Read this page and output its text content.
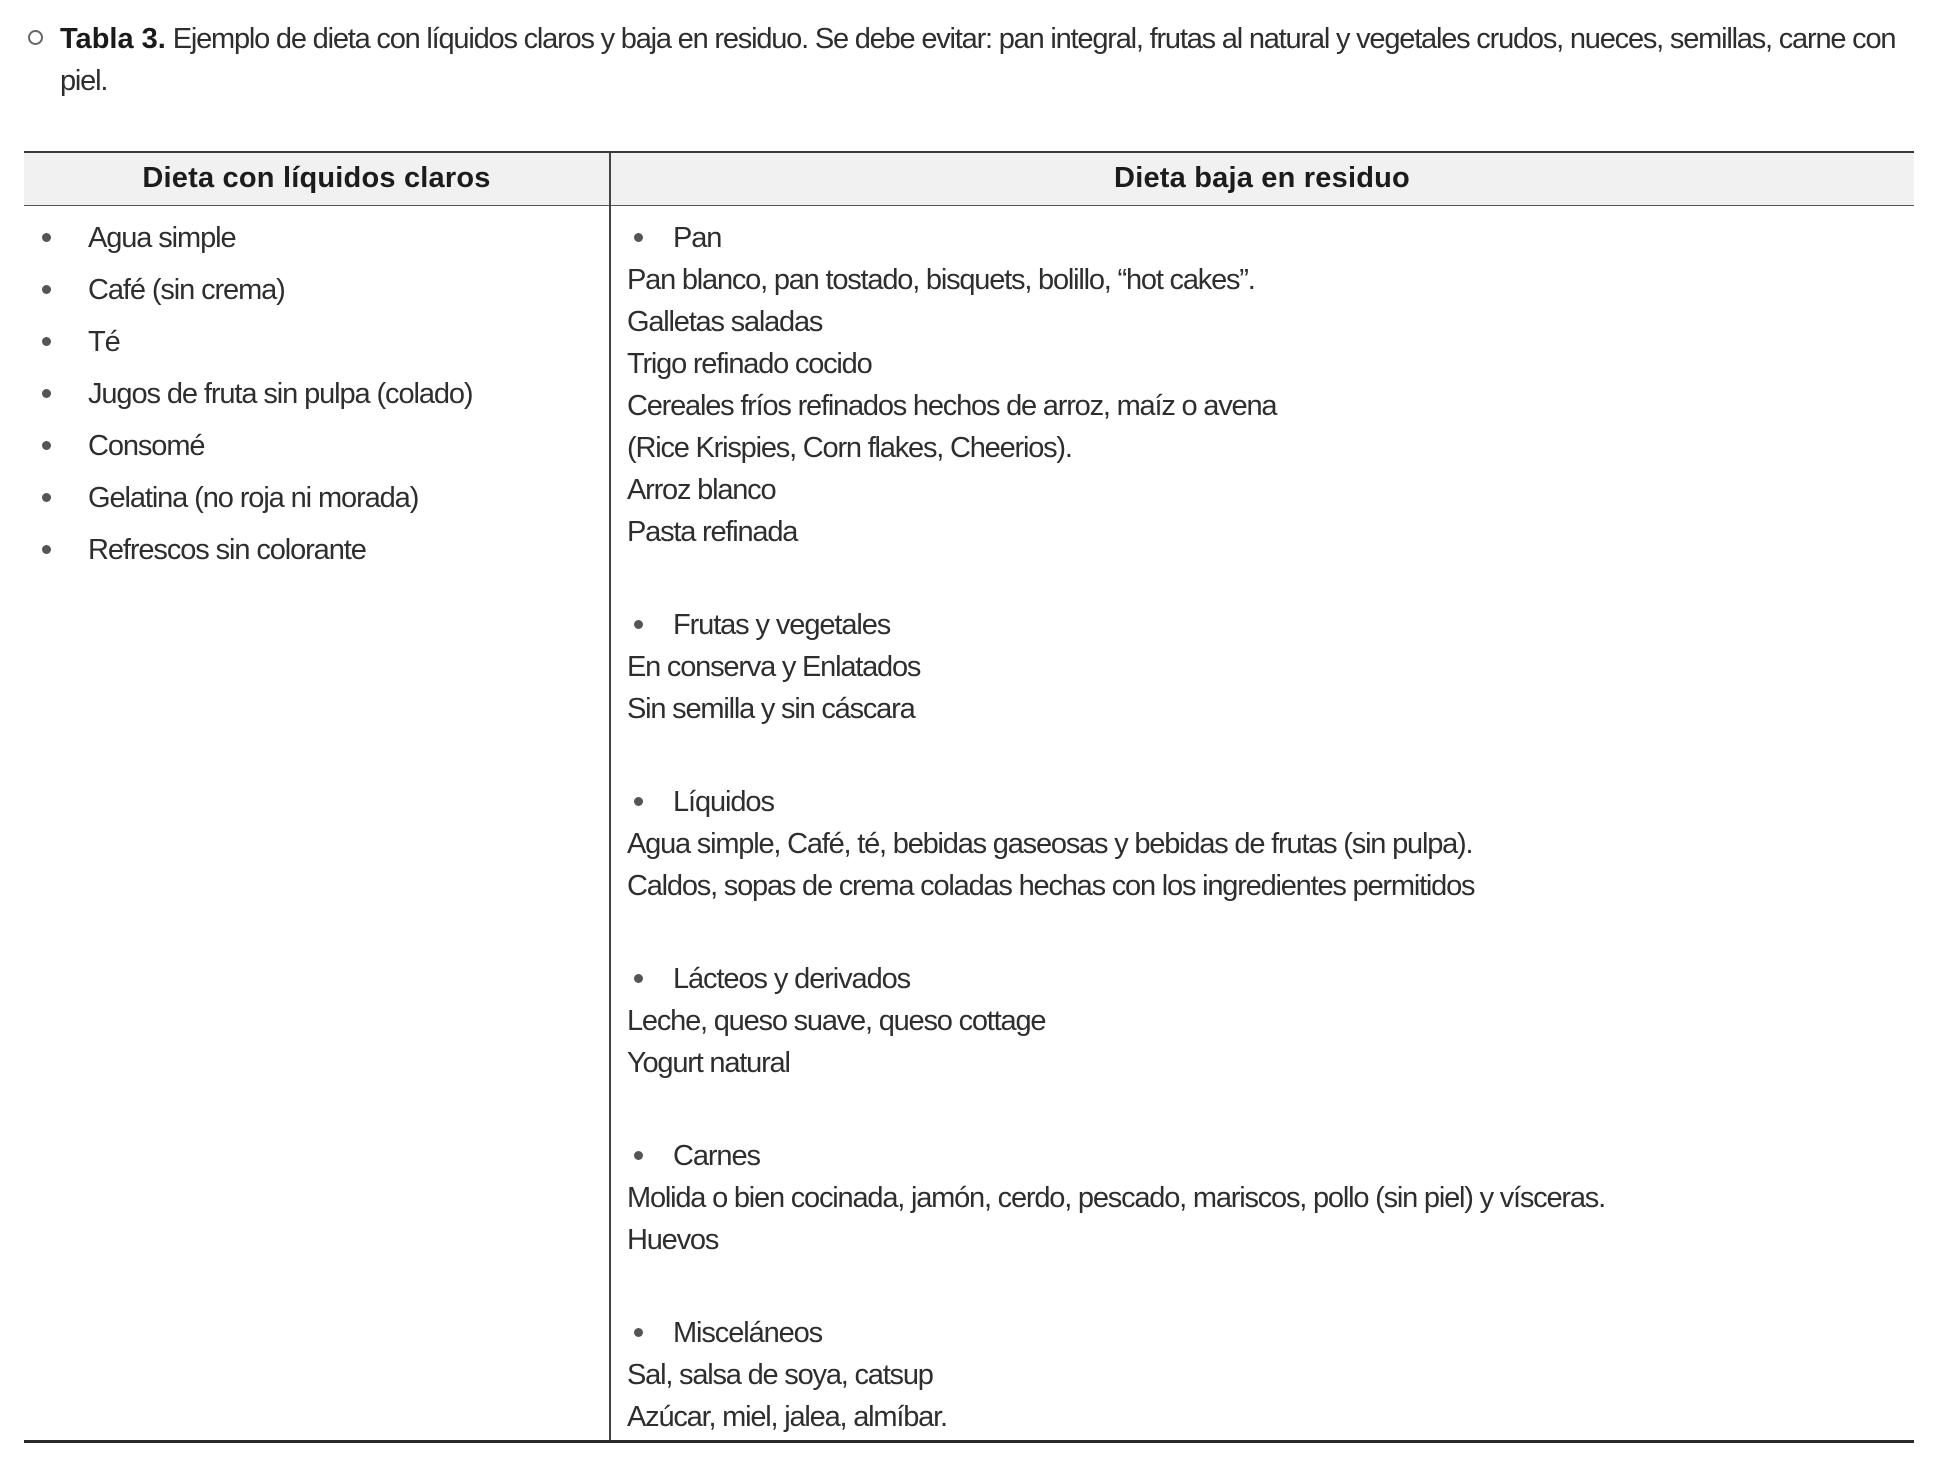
Tabla 3. Ejemplo de dieta con líquidos claros y baja en residuo. Se debe evitar: pan integral, frutas al natural y vegetales crudos, nueces, semillas, carne con piel.
Dieta con líquidos claros	Dieta baja en residuo
Agua simple
Café (sin crema)
Té
Jugos de fruta sin pulpa (colado)
Consomé
Gelatina (no roja ni morada)
Refrescos sin colorante
Pan
Pan blanco, pan tostado, bisquets, bolillo, “hot cakes”.
Galletas saladas
Trigo refinado cocido
Cereales fríos refinados hechos de arroz, maíz o avena
(Rice Krispies, Corn flakes, Cheerios).
Arroz blanco
Pasta refinada
Frutas y vegetales
En conserva y Enlatados
Sin semilla y sin cáscara
Líquidos
Agua simple, Café, té, bebidas gaseosas y bebidas de frutas (sin pulpa).
Caldos, sopas de crema coladas hechas con los ingredientes permitidos
Lácteos y derivados
Leche, queso suave, queso cottage
Yogurt natural
Carnes
Molida o bien cocinada, jamón, cerdo, pescado, mariscos, pollo (sin piel) y vísceras.
Huevos
Misceláneos
Sal, salsa de soya, catsup
Azúcar, miel, jalea, almíbar.
